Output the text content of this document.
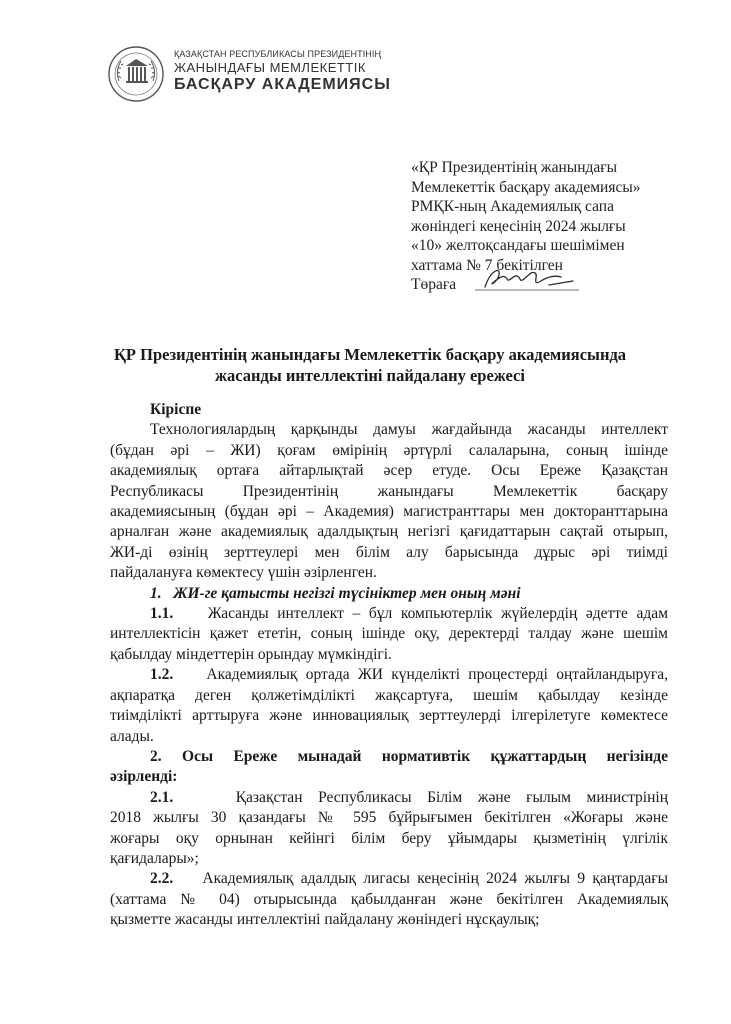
ҚАЗАҚСТАН РЕСПУБЛИКАСЫ ПРЕЗИДЕНТІНІҢ
ЖАНЫНДАҒЫ МЕМЛЕКЕТТІК
БАСҚАРУ АКАДЕМИЯСЫ
«ҚР Президентінің жанындағы
Мемлекеттік басқару академиясы»
РМҚК-ның Академиялық сапа
жөніндегі кеңесінің 2024 жылғы
«10» желтоқсандағы шешімімен
хаттама № 7 бекітілген
Төраға
ҚР Президентінің жанындағы Мемлекеттік басқару академиясында
жасанды интеллектіні пайдалану ережесі

Кіріспе

Технологиялардың қарқынды дамуы жағдайында жасанды интеллект

(бұдан әрі – ЖИ) қоғам өмірінің әртүрлі салаларына, соның ішінде

академиялық ортаға айтарлықтай әсер етуде. Осы Ереже Қазақстан

Республикасы Президентінің жанындағы Мемлекеттік басқару

академиясының (бұдан әрі – Академия) магистранттары мен докторанттарына

арналған және академиялық адалдықтың негізгі қағидаттарын сақтай отырып,

ЖИ-ді өзінің зерттеулері мен білім алу барысында дұрыс әрі тиімді

пайдалануға көмектесу үшін әзірленген.

1.   ЖИ-ге қатысты негізгі түсініктер мен оның мәні

1.1. Жасанды интеллект – бұл компьютерлік жүйелердің әдетте адам

интеллектісін қажет ететін, соның ішінде оқу, деректерді талдау және шешім

қабылдау міндеттерін орындау мүмкіндігі.

1.2. Академиялық ортада ЖИ күнделікті процестерді оңтайландыруға,

ақпаратқа деген қолжетімділікті жақсартуға, шешім қабылдау кезінде

тиімділікті арттыруға және инновациялық зерттеулерді ілгерілетуге көмектесе

алады.

2. Осы Ереже мынадай нормативтік құжаттардың негізінде

әзірленді:

2.1.	Қазақстан Республикасы Білім және ғылым министрінің

2018 жылғы 30 қазандағы № 595 бұйрығымен бекітілген «Жоғары және

жоғары оқу орнынан кейінгі білім беру ұйымдары қызметінің үлгілік

қағидалары»;

2.2. Академиялық адалдық лигасы кеңесінің 2024 жылғы 9 қаңтардағы

(хаттама № 04) отырысында қабылданған және бекітілген Академиялық

қызметте жасанды интеллектіні пайдалану жөніндегі нұсқаулық;
